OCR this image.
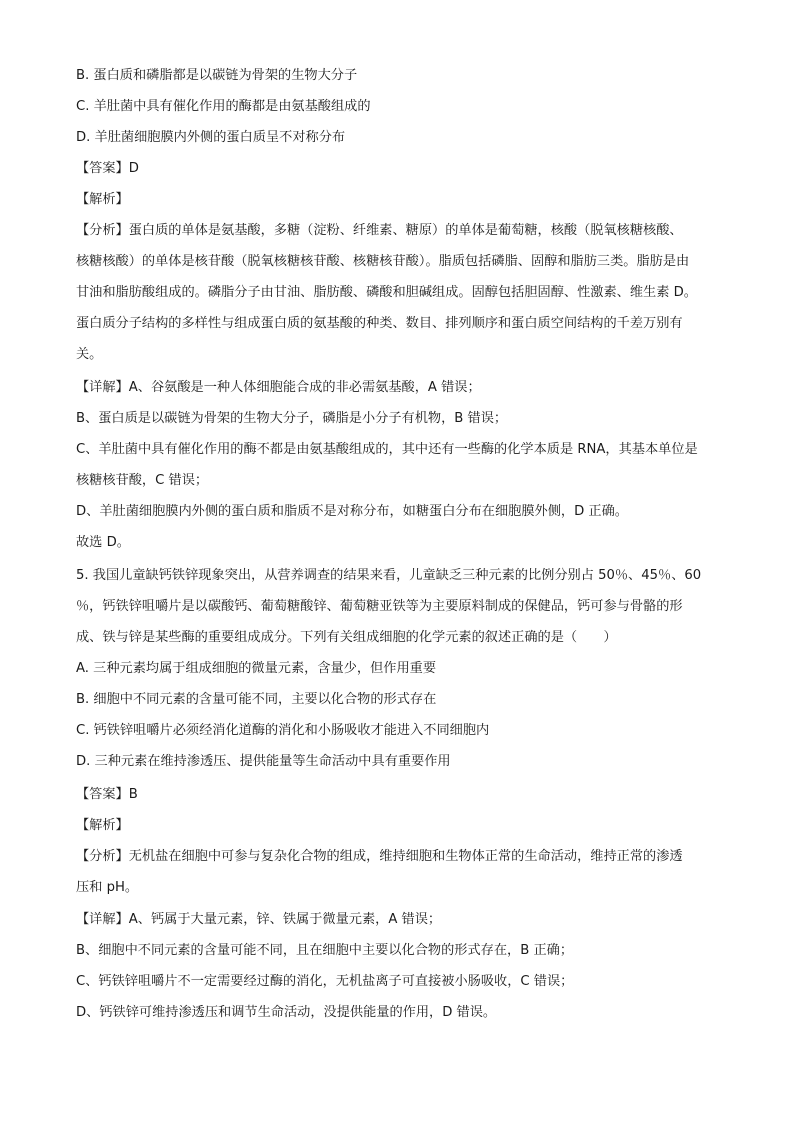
B. 蛋白质和磷脂都是以碳链为骨架的生物大分子
C. 羊肚菌中具有催化作用的酶都是由氨基酸组成的
D. 羊肚菌细胞膜内外侧的蛋白质呈不对称分布
【答案】D
【解析】
【分析】蛋白质的单体是氨基酸，多糖（淀粉、纤维素、糖原）的单体是葡萄糖，核酸（脱氧核糖核酸、
核糖核酸）的单体是核苷酸（脱氧核糖核苷酸、核糖核苷酸）。脂质包括磷脂、固醇和脂肪三类。脂肪是由
甘油和脂肪酸组成的。磷脂分子由甘油、脂肪酸、磷酸和胆碱组成。固醇包括胆固醇、性激素、维生素 D。
蛋白质分子结构的多样性与组成蛋白质的氨基酸的种类、数目、排列顺序和蛋白质空间结构的千差万别有
关。
【详解】A、谷氨酸是一种人体细胞能合成的非必需氨基酸，A 错误；
B、蛋白质是以碳链为骨架的生物大分子，磷脂是小分子有机物，B 错误；
C、羊肚菌中具有催化作用的酶不都是由氨基酸组成的，其中还有一些酶的化学本质是 RNA，其基本单位是
核糖核苷酸，C 错误；
D、羊肚菌细胞膜内外侧的蛋白质和脂质不是对称分布，如糖蛋白分布在细胞膜外侧，D 正确。
故选 D。
5. 我国儿童缺钙铁锌现象突出，从营养调查的结果来看，儿童缺乏三种元素的比例分别占 50％、45％、60
％，钙铁锌咀嚼片是以碳酸钙、葡萄糖酸锌、葡萄糖亚铁等为主要原料制成的保健品，钙可参与骨骼的形
成、铁与锌是某些酶的重要组成成分。下列有关组成细胞的化学元素的叙述正确的是（　　）
A. 三种元素均属于组成细胞的微量元素，含量少，但作用重要
B. 细胞中不同元素的含量可能不同，主要以化合物的形式存在
C. 钙铁锌咀嚼片必须经消化道酶的消化和小肠吸收才能进入不同细胞内
D. 三种元素在维持渗透压、提供能量等生命活动中具有重要作用
【答案】B
【解析】
【分析】无机盐在细胞中可参与复杂化合物的组成，维持细胞和生物体正常的生命活动，维持正常的渗透
压和 pH。
【详解】A、钙属于大量元素，锌、铁属于微量元素，A 错误；
B、细胞中不同元素的含量可能不同，且在细胞中主要以化合物的形式存在，B 正确；
C、钙铁锌咀嚼片不一定需要经过酶的消化，无机盐离子可直接被小肠吸收，C 错误；
D、钙铁锌可维持渗透压和调节生命活动，没提供能量的作用，D 错误。
